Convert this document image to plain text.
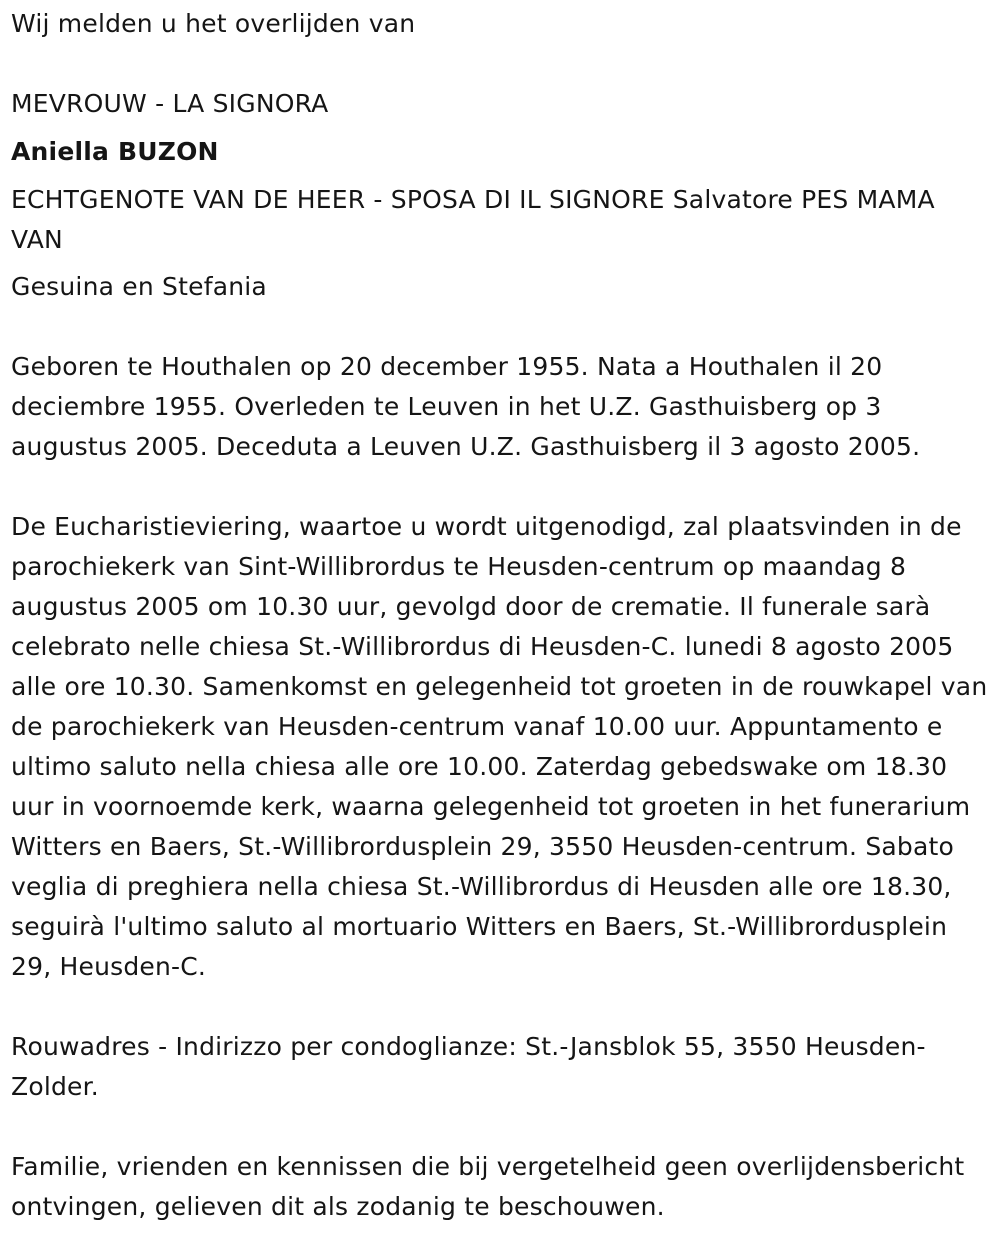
Wij melden u het overlijden van

MEVROUW - LA SIGNORA

Aniella BUZON

ECHTGENOTE VAN DE HEER - SPOSA DI IL SIGNORE Salvatore PES MAMA VAN

Gesuina en Stefania

Geboren te Houthalen op 20 december 1955. Nata a Houthalen il 20 deciembre 1955. Overleden te Leuven in het U.Z. Gasthuisberg op 3 augustus 2005. Deceduta a Leuven U.Z. Gasthuisberg il 3 agosto 2005.

De Eucharistieviering, waartoe u wordt uitgenodigd, zal plaatsvinden in de parochiekerk van Sint-Willibrordus te Heusden-centrum op maandag 8 augustus 2005 om 10.30 uur, gevolgd door de crematie. Il funerale sarà celebrato nelle chiesa St.-Willibrordus di Heusden-C. lunedi 8 agosto 2005 alle ore 10.30. Samenkomst en gelegenheid tot groeten in de rouwkapel van de parochiekerk van Heusden-centrum vanaf 10.00 uur. Appuntamento e ultimo saluto nella chiesa alle ore 10.00. Zaterdag gebedswake om 18.30 uur in voornoemde kerk, waarna gelegenheid tot groeten in het funerarium Witters en Baers, St.-Willibrordusplein 29, 3550 Heusden-centrum. Sabato veglia di preghiera nella chiesa St.-Willibrordus di Heusden alle ore 18.30, seguirà l'ultimo saluto al mortuario Witters en Baers, St.-Willibrordusplein 29, Heusden-C.

Rouwadres - Indirizzo per condoglianze: St.-Jansblok 55, 3550 Heusden-Zolder.

Familie, vrienden en kennissen die bij vergetelheid geen overlijdensbericht ontvingen, gelieven dit als zodanig te beschouwen.
